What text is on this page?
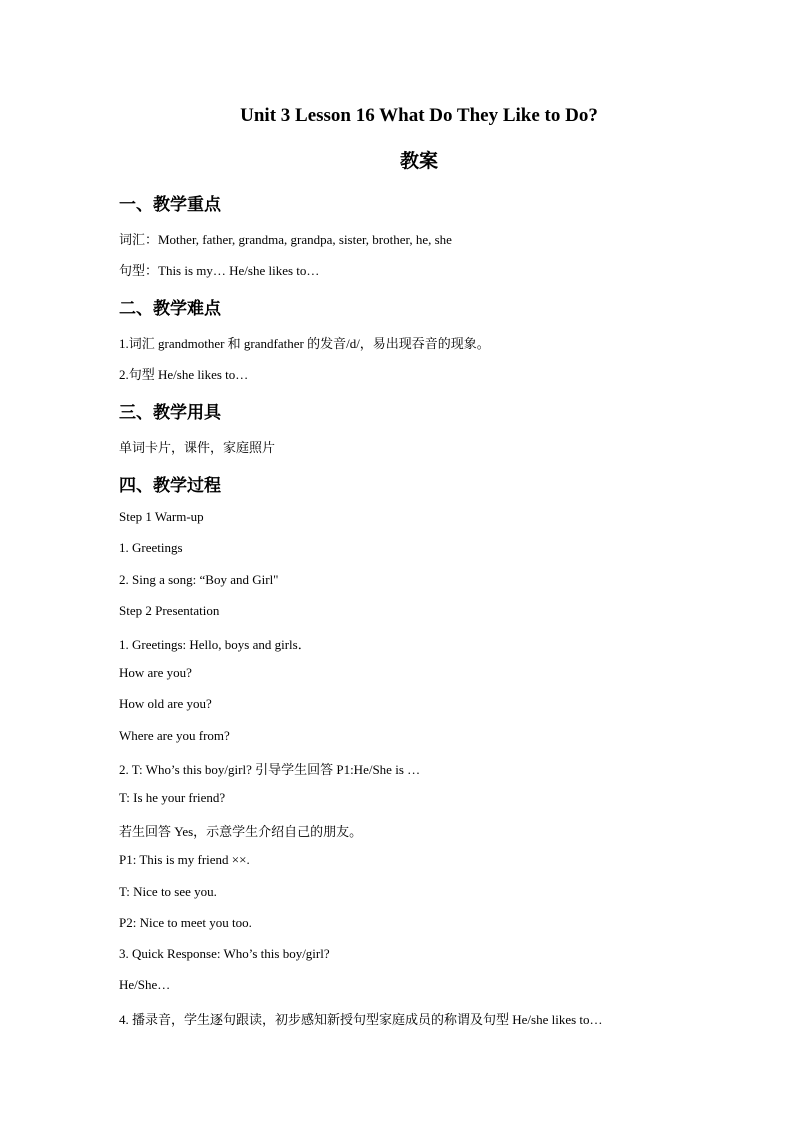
Unit 3 Lesson 16 What Do They Like to Do?
教案
一、教学重点
词汇：Mother, father, grandma, grandpa, sister, brother, he, she
句型：This is my… He/she likes to…
二、教学难点
1.词汇 grandmother 和 grandfather 的发音/d/，易出现吞音的现象。
2.句型 He/she likes to…
三、教学用具
单词卡片，课件，家庭照片
四、教学过程
Step 1 Warm-up
1. Greetings
2. Sing a song: “Boy and Girl"
Step 2 Presentation
1. Greetings: Hello, boys and girls．
How are you?
How old are you?
Where are you from?
2. T: Who’s this boy/girl? 引导学生回答 P1:He/She is …
T: Is he your friend?
若生回答 Yes，示意学生介绍自己的朋友。
P1: This is my friend ××.
T: Nice to see you.
P2: Nice to meet you too.
3. Quick Response: Who’s this boy/girl?
He/She…
4. 播录音，学生逐句跟读，初步感知新授句型家庭成员的称谓及句型 He/she likes to…
